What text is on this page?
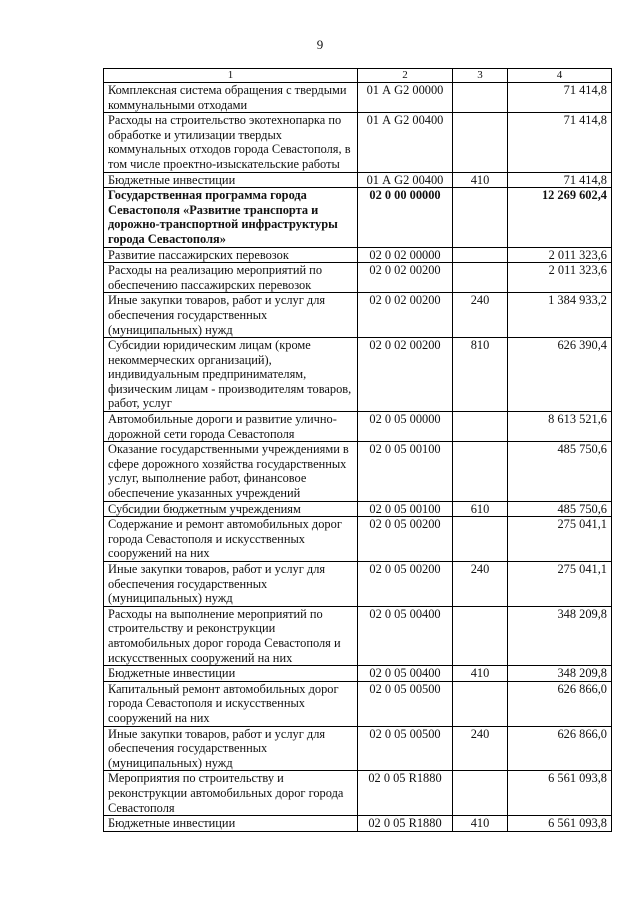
9
1	2	3	4
Комплексная система обращения с твердыми коммунальными отходами	01 А G2 00000		71 414,8
Расходы на строительство экотехнопарка по обработке и утилизации твердых коммунальных отходов города Севастополя, в том числе проектно-изыскательские работы	01 А G2 00400		71 414,8
Бюджетные инвестиции	01 А G2 00400	410	71 414,8
Государственная программа города Севастополя «Развитие транспорта и дорожно-транспортной инфраструктуры города Севастополя»	02 0 00 00000		12 269 602,4
Развитие пассажирских перевозок	02 0 02 00000		2 011 323,6
Расходы на реализацию мероприятий по обеспечению пассажирских перевозок	02 0 02 00200		2 011 323,6
Иные закупки товаров, работ и услуг для обеспечения государственных (муниципальных) нужд	02 0 02 00200	240	1 384 933,2
Субсидии юридическим лицам (кроме некоммерческих организаций), индивидуальным предпринимателям, физическим лицам - производителям товаров, работ, услуг	02 0 02 00200	810	626 390,4
Автомобильные дороги и развитие улично-дорожной сети города Севастополя	02 0 05 00000		8 613 521,6
Оказание государственными учреждениями в сфере дорожного хозяйства государственных услуг, выполнение работ, финансовое обеспечение указанных учреждений	02 0 05 00100		485 750,6
Субсидии бюджетным учреждениям	02 0 05 00100	610	485 750,6
Содержание и ремонт автомобильных дорог города Севастополя и искусственных сооружений на них	02 0 05 00200		275 041,1
Иные закупки товаров, работ и услуг для обеспечения государственных (муниципальных) нужд	02 0 05 00200	240	275 041,1
Расходы на выполнение мероприятий по строительству и реконструкции автомобильных дорог города Севастополя и искусственных сооружений на них	02 0 05 00400		348 209,8
Бюджетные инвестиции	02 0 05 00400	410	348 209,8
Капитальный ремонт автомобильных дорог города Севастополя и искусственных сооружений на них	02 0 05 00500		626 866,0
Иные закупки товаров, работ и услуг для обеспечения государственных (муниципальных) нужд	02 0 05 00500	240	626 866,0
Мероприятия по строительству и реконструкции автомобильных дорог города Севастополя	02 0 05 R1880		6 561 093,8
Бюджетные инвестиции	02 0 05 R1880	410	6 561 093,8
